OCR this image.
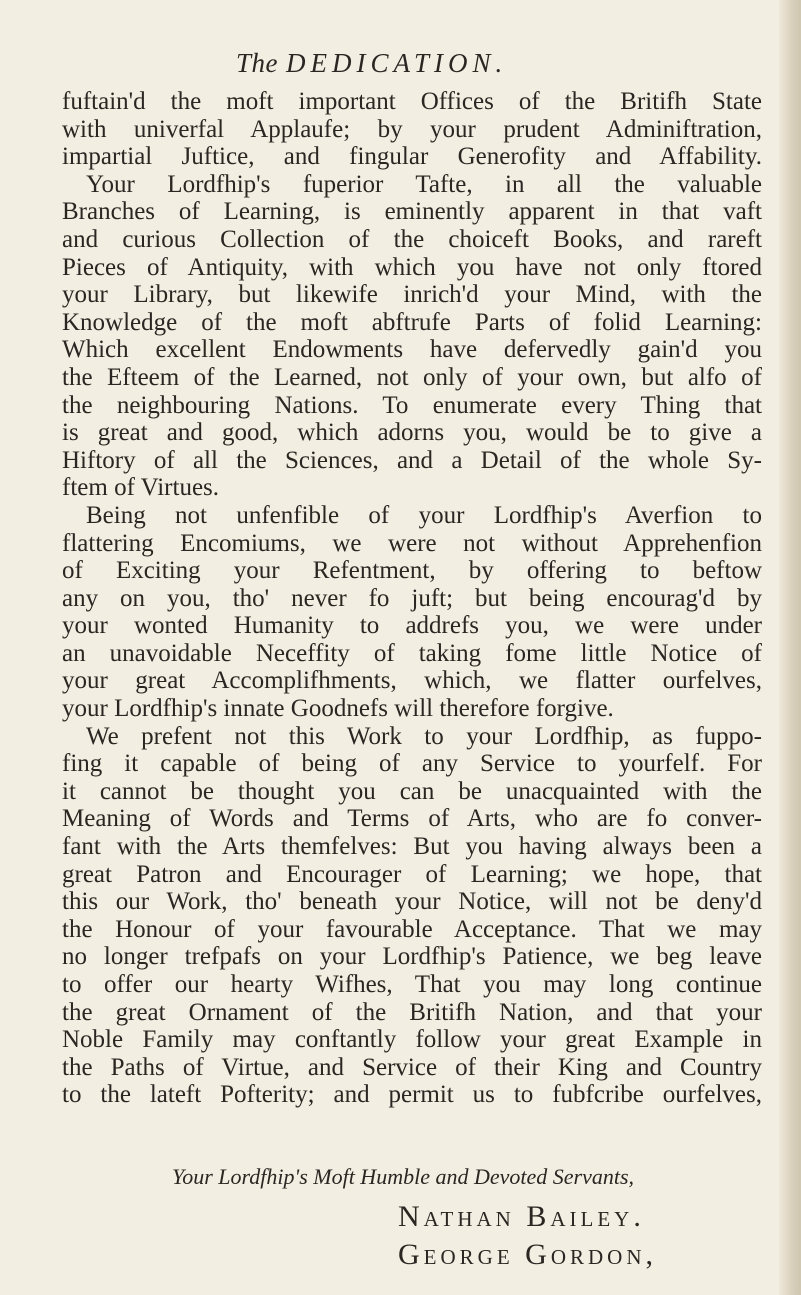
The DEDICATION.
fuftain'd the moft important Offices of the Britifh State
with univerfal Applaufe; by your prudent Adminiftration,
impartial Juftice, and fingular Generofity and Affability.
Your Lordfhip's fuperior Tafte, in all the valuable
Branches of Learning, is eminently apparent in that vaft
and curious Collection of the choiceft Books, and rareft
Pieces of Antiquity, with which you have not only ftored
your Library, but likewife inrich'd your Mind, with the
Knowledge of the moft abftrufe Parts of folid Learning:
Which excellent Endowments have defervedly gain'd you
the Efteem of the Learned, not only of your own, but alfo of
the neighbouring Nations. To enumerate every Thing that
is great and good, which adorns you, would be to give a
Hiftory of all the Sciences, and a Detail of the whole Sy-
ftem of Virtues.
Being not unfenfible of your Lordfhip's Averfion to
flattering Encomiums, we were not without Apprehenfion
of Exciting your Refentment, by offering to beftow
any on you, tho' never fo juft; but being encourag'd by
your wonted Humanity to addrefs you, we were under
an unavoidable Neceffity of taking fome little Notice of
your great Accomplifhments, which, we flatter ourfelves,
your Lordfhip's innate Goodnefs will therefore forgive.
We prefent not this Work to your Lordfhip, as fuppo-
fing it capable of being of any Service to yourfelf. For
it cannot be thought you can be unacquainted with the
Meaning of Words and Terms of Arts, who are fo conver-
fant with the Arts themfelves: But you having always been a
great Patron and Encourager of Learning; we hope, that
this our Work, tho' beneath your Notice, will not be deny'd
the Honour of your favourable Acceptance. That we may
no longer trefpafs on your Lordfhip's Patience, we beg leave
to offer our hearty Wifhes, That you may long continue
the great Ornament of the Britifh Nation, and that your
Noble Family may conftantly follow your great Example in
the Paths of Virtue, and Service of their King and Country
to the lateft Pofterity; and permit us to fubfcribe ourfelves,
Your Lordfhip's Moft Humble and Devoted Servants,
Nathan Bailey.
George Gordon,
